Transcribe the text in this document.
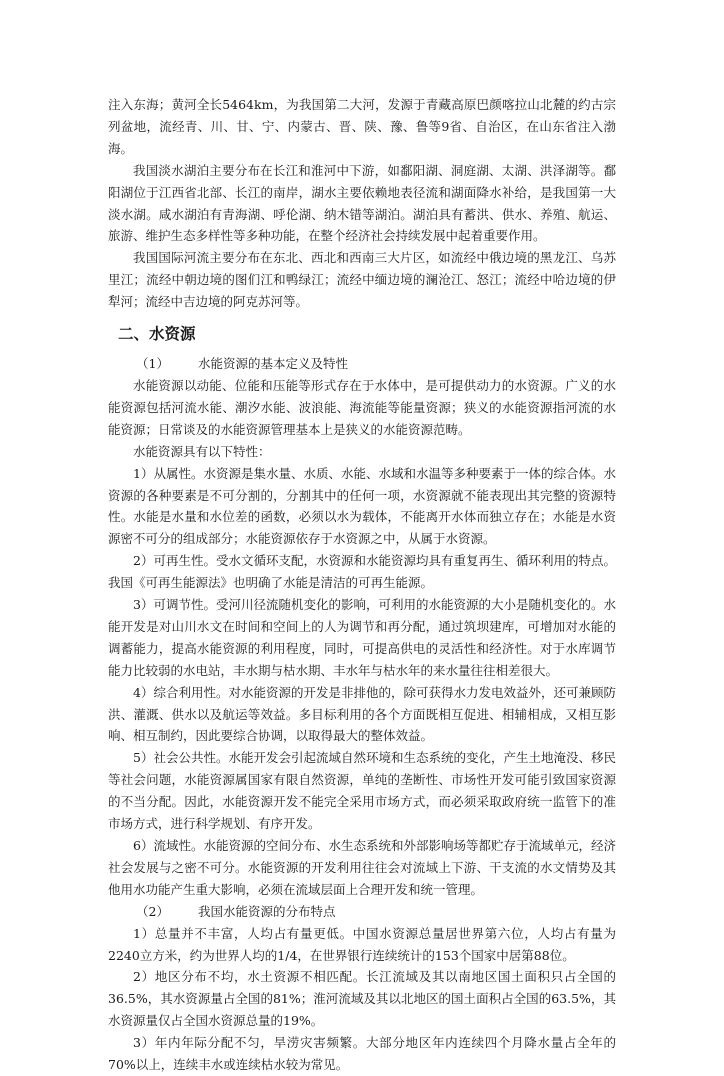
注入东海；黄河全长5464km，为我国第二大河，发源于青藏高原巴颜喀拉山北麓的约古宗列盆地，流经青、川、甘、宁、内蒙古、晋、陕、豫、鲁等9省、自治区，在山东省注入渤海。

我国淡水湖泊主要分布在长江和淮河中下游，如鄱阳湖、洞庭湖、太湖、洪泽湖等。鄱阳湖位于江西省北部、长江的南岸，湖水主要依赖地表径流和湖面降水补给，是我国第一大淡水湖。咸水湖泊有青海湖、呼伦湖、纳木错等湖泊。湖泊具有蓄洪、供水、养殖、航运、旅游、维护生态多样性等多种功能，在整个经济社会持续发展中起着重要作用。

我国国际河流主要分布在东北、西北和西南三大片区，如流经中俄边境的黑龙江、乌苏里江；流经中朝边境的图们江和鸭绿江；流经中缅边境的澜沧江、怒江；流经中哈边境的伊犁河；流经中吉边境的阿克苏河等。

二、水资源

（1） 水能资源的基本定义及特性

水能资源以动能、位能和压能等形式存在于水体中，是可提供动力的水资源。广义的水能资源包括河流水能、潮汐水能、波浪能、海流能等能量资源；狭义的水能资源指河流的水能资源；日常谈及的水能资源管理基本上是狭义的水能资源范畴。

水能资源具有以下特性：

1）从属性。水资源是集水量、水质、水能、水域和水温等多种要素于一体的综合体。水资源的各种要素是不可分割的，分割其中的任何一项，水资源就不能表现出其完整的资源特性。水能是水量和水位差的函数，必须以水为载体，不能离开水体而独立存在；水能是水资源密不可分的组成部分；水能资源依存于水资源之中，从属于水资源。

2）可再生性。受水文循环支配，水资源和水能资源均具有重复再生、循环利用的特点。我国《可再生能源法》也明确了水能是清洁的可再生能源。

3）可调节性。受河川径流随机变化的影响，可利用的水能资源的大小是随机变化的。水能开发是对山川水文在时间和空间上的人为调节和再分配，通过筑坝建库，可增加对水能的调蓄能力，提高水能资源的利用程度，同时，可提高供电的灵活性和经济性。对于水库调节能力比较弱的水电站，丰水期与枯水期、丰水年与枯水年的来水量往往相差很大。

4）综合利用性。对水能资源的开发是非排他的，除可获得水力发电效益外，还可兼顾防洪、灌溉、供水以及航运等效益。多目标利用的各个方面既相互促进、相辅相成，又相互影响、相互制约，因此要综合协调，以取得最大的整体效益。

5）社会公共性。水能开发会引起流域自然环境和生态系统的变化，产生土地淹没、移民等社会问题，水能资源属国家有限自然资源，单纯的垄断性、市场性开发可能引致国家资源的不当分配。因此，水能资源开发不能完全采用市场方式，而必须采取政府统一监管下的准市场方式，进行科学规划、有序开发。

6）流域性。水能资源的空间分布、水生态系统和外部影响场等都贮存于流域单元，经济社会发展与之密不可分。水能资源的开发利用往往会对流域上下游、干支流的水文情势及其他用水功能产生重大影响，必须在流域层面上合理开发和统一管理。

（2） 我国水能资源的分布特点

1）总量并不丰富，人均占有量更低。中国水资源总量居世界第六位，人均占有量为2240立方米，约为世界人均的1/4，在世界银行连续统计的153个国家中居第88位。

2）地区分布不均，水土资源不相匹配。长江流域及其以南地区国土面积只占全国的36.5%，其水资源量占全国的81%；淮河流域及其以北地区的国土面积占全国的63.5%，其水资源量仅占全国水资源总量的19%。

3）年内年际分配不匀，旱涝灾害频繁。大部分地区年内连续四个月降水量占全年的70%以上，连续丰水或连续枯水较为常见。
